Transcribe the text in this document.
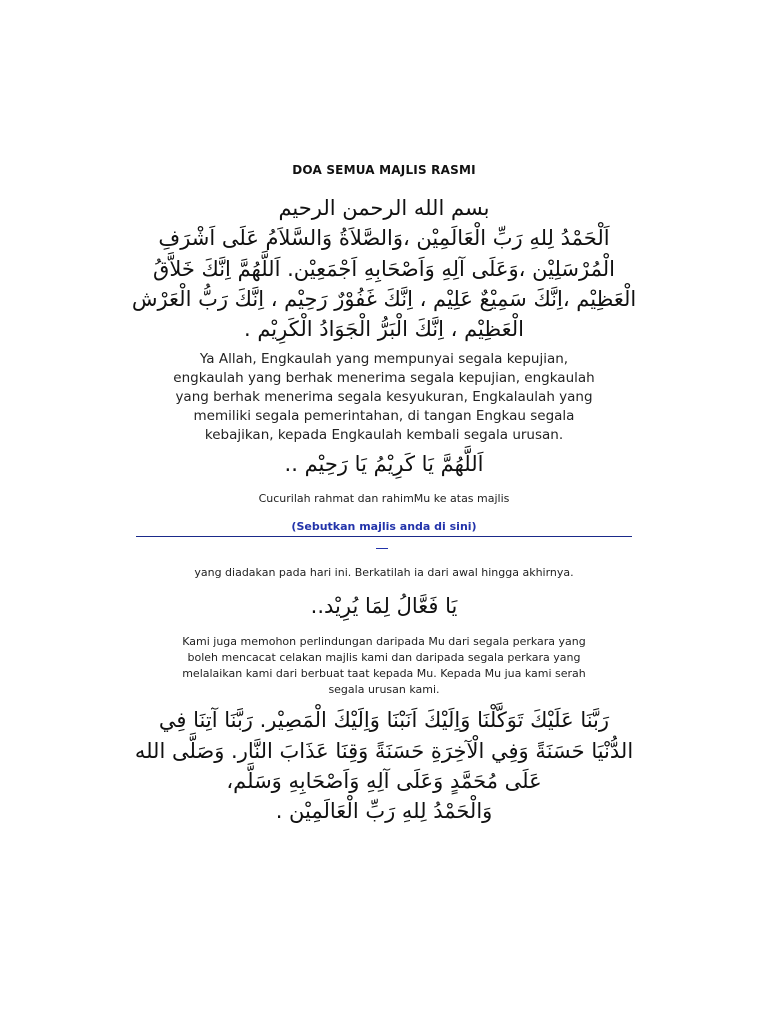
DOA SEMUA MAJLIS RASMI
بسم الله الرحمن الرحيم
اَلْحَمْدُ لِلهِ رَبِّ الْعَالَمِيْن ،وَالصَّلاَةُ وَالسَّلاَمُ عَلَى اَشْرَفِ
الْمُرْسَلِيْن ،وَعَلَى آلِهِ وَاَصْحَابِهِ اَجْمَعِيْن. اَللَّهُمَّ اِنَّكَ خَلاَّقُ
الْعَظِيْم ،اِنَّكَ سَمِيْعٌ عَلِيْم ، اِنَّكَ غَفُوْرٌ رَحِيْم ، اِنَّكَ رَبُّ الْعَرْش
الْعَظِيْم ، اِنَّكَ الْبَرُّ الْجَوَادُ الْكَرِيْم .
Ya Allah, Engkaulah yang mempunyai segala kepujian,
engkaulah yang berhak menerima segala kepujian, engkaulah
yang berhak menerima segala kesyukuran, Engkalaulah yang
memiliki segala pemerintahan, di tangan Engkau segala
kebajikan, kepada Engkaulah kembali segala urusan.
اَللَّهُمَّ يَا كَرِيْمُ يَا رَحِيْم ..
Cucurilah rahmat dan rahimMu ke atas majlis
(Sebutkan majlis anda di sini)
yang diadakan pada hari ini. Berkatilah ia dari awal hingga akhirnya.
يَا فَعَّالُ لِمَا يُرِيْد..
Kami juga memohon perlindungan daripada Mu dari segala perkara yang
boleh mencacat celakan majlis kami dan daripada segala perkara yang
melalaikan kami dari berbuat taat kepada Mu. Kepada Mu jua kami serah
segala urusan kami.
رَبَّنَا عَلَيْكَ تَوَكَّلْنَا وَاِلَيْكَ اَنَبْنَا وَاِلَيْكَ الْمَصِيْر. رَبَّنَا آتِنَا فِي
الدُّنْيَا حَسَنَةً وَفِي الْآخِرَةِ حَسَنَةً وَقِنَا عَذَابَ النَّار. وَصَلَّى الله
عَلَى مُحَمَّدٍ وَعَلَى آلِهِ وَاَصْحَابِهِ وَسَلَّم،
وَالْحَمْدُ لِلهِ رَبِّ الْعَالَمِيْن .
